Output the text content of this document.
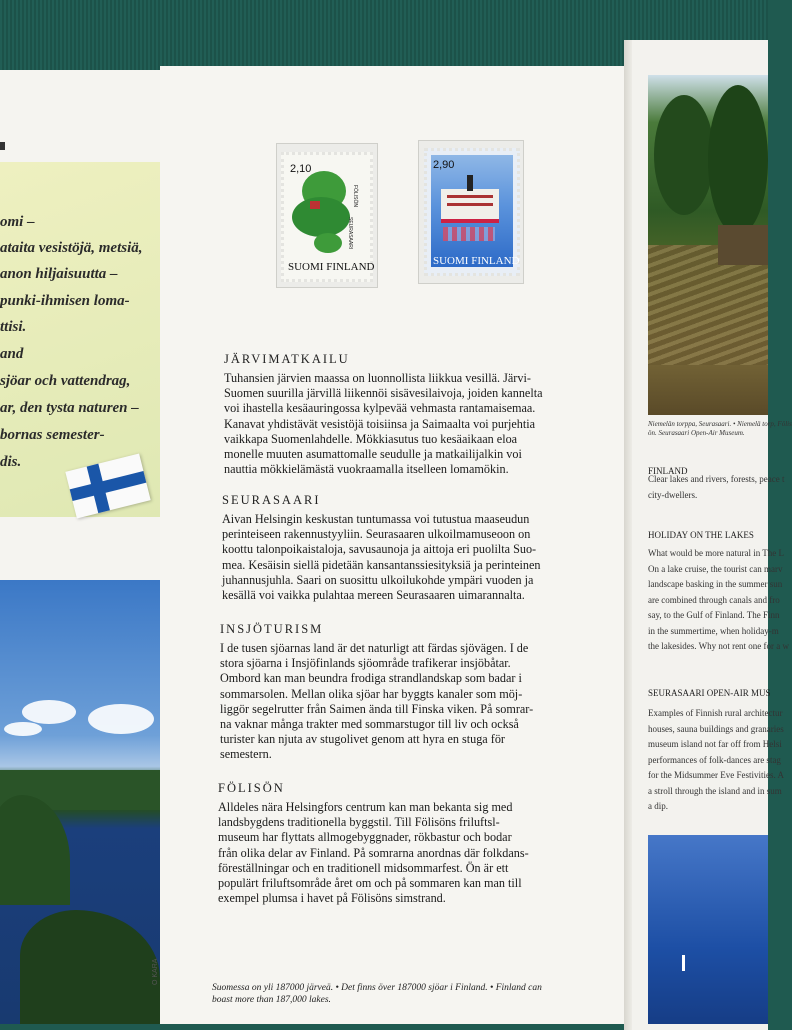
omi –
ataita vesistöjä, metsiä,
anon hiljaisuutta –
punki-ihmisen loma-
ttisi.
and
sjöar och vattendrag,
ar, den tysta naturen –
bornas semester-
dis.
2,10
SUOMI FINLAND
FÖLISÖN
SEURASAARI
2,90
SUOMI FINLAND
JÄRVIMATKAILU
Tuhansien järvien maassa on luonnollista liikkua vesillä. Järvi-
Suomen suurilla järvillä liikennöi sisävesilaivoja, joiden kannelta
voi ihastella kesäauringossa kylpevää vehmasta rantamaisemaa.
Kanavat yhdistävät vesistöjä toisiinsa ja Saimaalta voi purjehtia
vaikkapa Suomenlahdelle. Mökkiasutus tuo kesäaikaan eloa
monelle muuten asumattomalle seudulle ja matkailijalkin voi
nauttia mökkielämästä vuokraamalla itselleen lomamökin.
SEURASAARI
Aivan Helsingin keskustan tuntumassa voi tutustua maaseudun
perinteiseen rakennustyyliin. Seurasaaren ulkoilmamuseoon on
koottu talonpoikaistaloja, savusaunoja ja aittoja eri puolilta Suo-
mea. Kesäisin siellä pidetään kansantanssiesityksiä ja perinteinen
juhannusjuhla. Saari on suosittu ulkoilukohde ympäri vuoden ja
kesällä voi vaikka pulahtaa mereen Seurasaaren uimarannalta.
INSJÖTURISM
I de tusen sjöarnas land är det naturligt att färdas sjövägen. I de
stora sjöarna i Insjöfinlands sjöområde trafikerar insjöbåtar.
Ombord kan man beundra frodiga strandlandskap som badar i
sommarsolen. Mellan olika sjöar har byggts kanaler som möj-
liggör segelrutter från Saimen ända till Finska viken. På somrar-
na vaknar många trakter med sommarstugor till liv och också
turister kan njuta av stugolivet genom att hyra en stuga för
semestern.
FÖLISÖN
Alldeles nära Helsingfors centrum kan man bekanta sig med
landsbygdens traditionella byggstil. Till Fölisöns friluftsl-
museum har flyttats allmogebyggnader, rökbastur och bodar
från olika delar av Finland. På somrarna anordnas där folkdans-
föreställningar och en traditionell midsommarfest. Ön är ett
populärt friluftsområde året om och på sommaren kan man till
exempel plumsa i havet på Fölisöns simstrand.
Suomessa on yli 187000 järveä. • Det finns över 187000 sjöar i Finland. • Finland can
boast more than 187,000 lakes.
O KARA
Niemelän torppa, Seurasaari. • Niemelä torp, Fölis
ön. Seurasaari Open-Air Museum.
FINLAND
Clear lakes and rivers, forests, peace t
city-dwellers.
HOLIDAY ON THE LAKES
What would be more natural in The L
On a lake cruise, the tourist can marv
landscape basking in the summer sun
are combined through canals and fro
say, to the Gulf of Finland. The Finn
in the summertime, when holiday-m
the lakesides. Why not rent one for a w
SEURASAARI OPEN-AIR MUS
Examples of Finnish rural architectur
houses, sauna buildings and granaries
museum island not far off from Helsi
performances of folk-dances are stag
for the Midsummer Eve Festivities. A
a stroll through the island and in sum
a dip.
